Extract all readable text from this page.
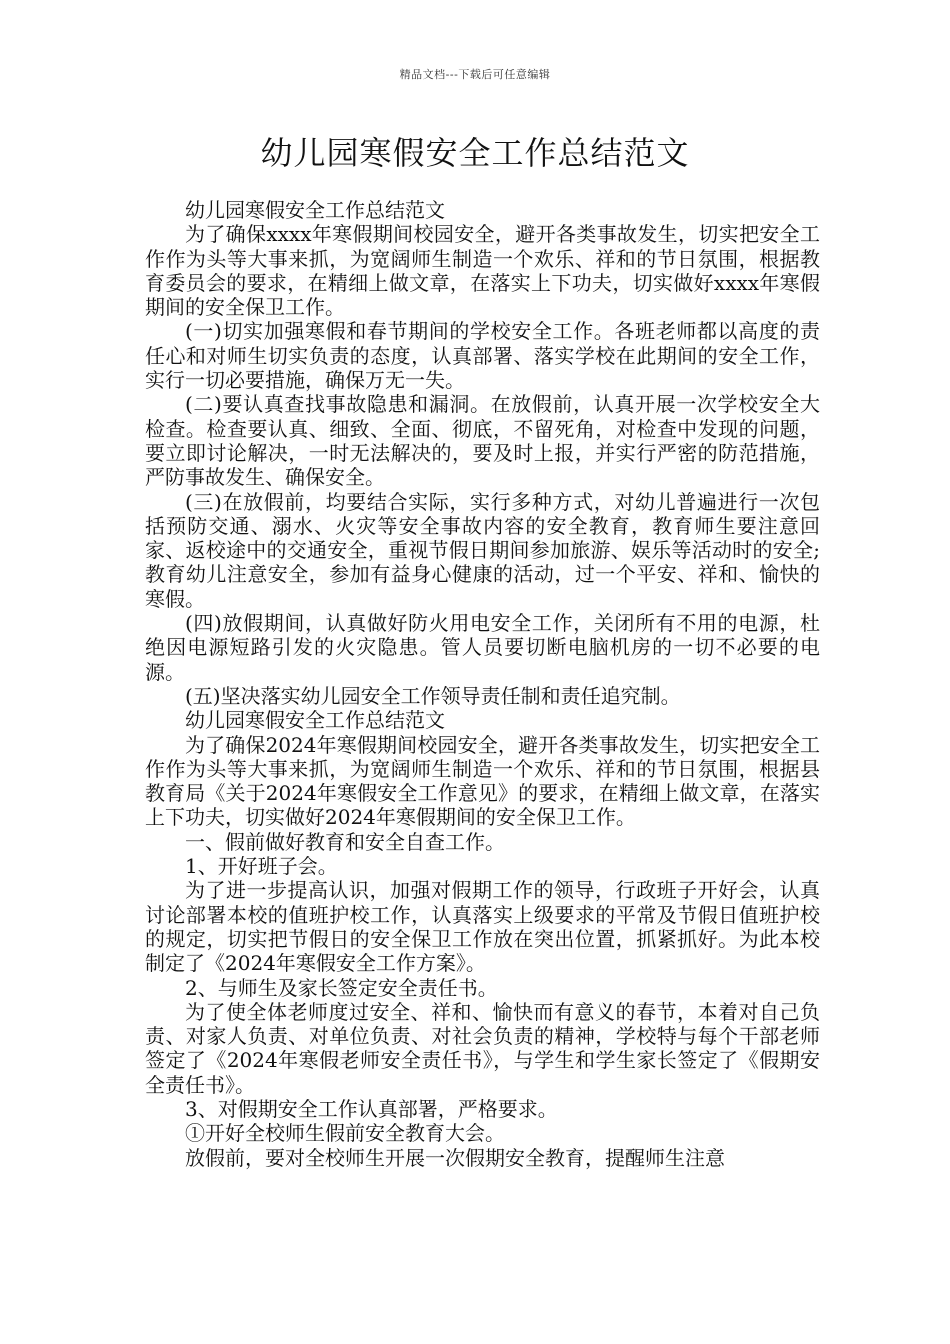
精品文档---下载后可任意编辑
幼儿园寒假安全工作总结范文

幼儿园寒假安全工作总结范文

为了确保xxxx年寒假期间校园安全，避开各类事故发生，切实把安全工作作为头等大事来抓，为宽阔师生制造一个欢乐、祥和的节日氛围，根据教育委员会的要求，在精细上做文章，在落实上下功夫，切实做好xxxx年寒假期间的安全保卫工作。

(一)切实加强寒假和春节期间的学校安全工作。各班老师都以高度的责任心和对师生切实负责的态度，认真部署、落实学校在此期间的安全工作，实行一切必要措施，确保万无一失。

(二)要认真查找事故隐患和漏洞。在放假前，认真开展一次学校安全大检查。检查要认真、细致、全面、彻底，不留死角，对检查中发现的问题，要立即讨论解决，一时无法解决的，要及时上报，并实行严密的防范措施，严防事故发生、确保安全。

(三)在放假前，均要结合实际，实行多种方式，对幼儿普遍进行一次包括预防交通、溺水、火灾等安全事故内容的安全教育，教育师生要注意回家、返校途中的交通安全，重视节假日期间参加旅游、娱乐等活动时的安全;教育幼儿注意安全，参加有益身心健康的活动，过一个平安、祥和、愉快的寒假。

(四)放假期间，认真做好防火用电安全工作，关闭所有不用的电源，杜绝因电源短路引发的火灾隐患。管人员要切断电脑机房的一切不必要的电源。

(五)坚决落实幼儿园安全工作领导责任制和责任追究制。

幼儿园寒假安全工作总结范文

为了确保2024年寒假期间校园安全，避开各类事故发生，切实把安全工作作为头等大事来抓，为宽阔师生制造一个欢乐、祥和的节日氛围，根据县教育局《关于2024年寒假安全工作意见》的要求，在精细上做文章，在落实上下功夫，切实做好2024年寒假期间的安全保卫工作。

一、假前做好教育和安全自查工作。

1、开好班子会。

为了进一步提高认识，加强对假期工作的领导，行政班子开好会，认真讨论部署本校的值班护校工作，认真落实上级要求的平常及节假日值班护校的规定，切实把节假日的安全保卫工作放在突出位置，抓紧抓好。为此本校制定了《2024年寒假安全工作方案》。

2、与师生及家长签定安全责任书。

为了使全体老师度过安全、祥和、愉快而有意义的春节，本着对自己负责、对家人负责、对单位负责、对社会负责的精神，学校特与每个干部老师签定了《2024年寒假老师安全责任书》，与学生和学生家长签定了《假期安全责任书》。

3、对假期安全工作认真部署，严格要求。

①开好全校师生假前安全教育大会。

放假前，要对全校师生开展一次假期安全教育，提醒师生注意
